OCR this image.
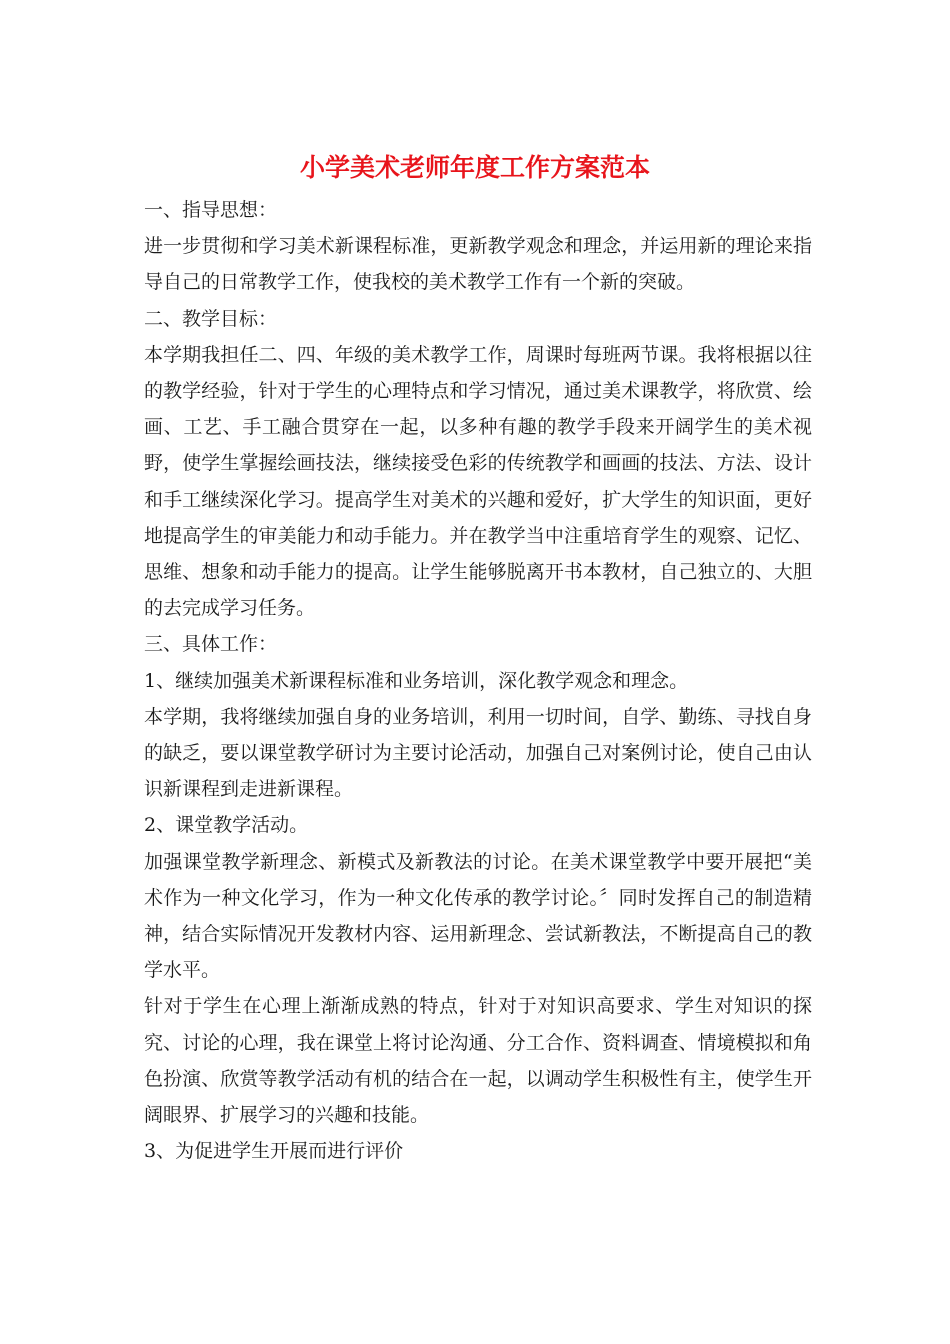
小学美术老师年度工作方案范本

一、指导思想：

进一步贯彻和学习美术新课程标准，更新教学观念和理念，并运用新的理论来指导自己的日常教学工作，使我校的美术教学工作有一个新的突破。

二、教学目标：

本学期我担任二、四、年级的美术教学工作，周课时每班两节课。我将根据以往的教学经验，针对于学生的心理特点和学习情况，通过美术课教学，将欣赏、绘画、工艺、手工融合贯穿在一起，以多种有趣的教学手段来开阔学生的美术视野，使学生掌握绘画技法，继续接受色彩的传统教学和画画的技法、方法、设计和手工继续深化学习。提高学生对美术的兴趣和爱好，扩大学生的知识面，更好地提高学生的审美能力和动手能力。并在教学当中注重培育学生的观察、记忆、思维、想象和动手能力的提高。让学生能够脱离开书本教材，自己独立的、大胆的去完成学习任务。

三、具体工作：

1、继续加强美术新课程标准和业务培训，深化教学观念和理念。

本学期，我将继续加强自身的业务培训，利用一切时间，自学、勤练、寻找自身的缺乏，要以课堂教学研讨为主要讨论活动，加强自己对案例讨论，使自己由认识新课程到走进新课程。

2、课堂教学活动。

加强课堂教学新理念、新模式及新教法的讨论。在美术课堂教学中要开展把“美术作为一种文化学习，作为一种文化传承的教学讨论。〞同时发挥自己的制造精神，结合实际情况开发教材内容、运用新理念、尝试新教法，不断提高自己的教学水平。

针对于学生在心理上渐渐成熟的特点，针对于对知识高要求、学生对知识的探究、讨论的心理，我在课堂上将讨论沟通、分工合作、资料调查、情境模拟和角色扮演、欣赏等教学活动有机的结合在一起，以调动学生积极性有主，使学生开阔眼界、扩展学习的兴趣和技能。

3、为促进学生开展而进行评价
